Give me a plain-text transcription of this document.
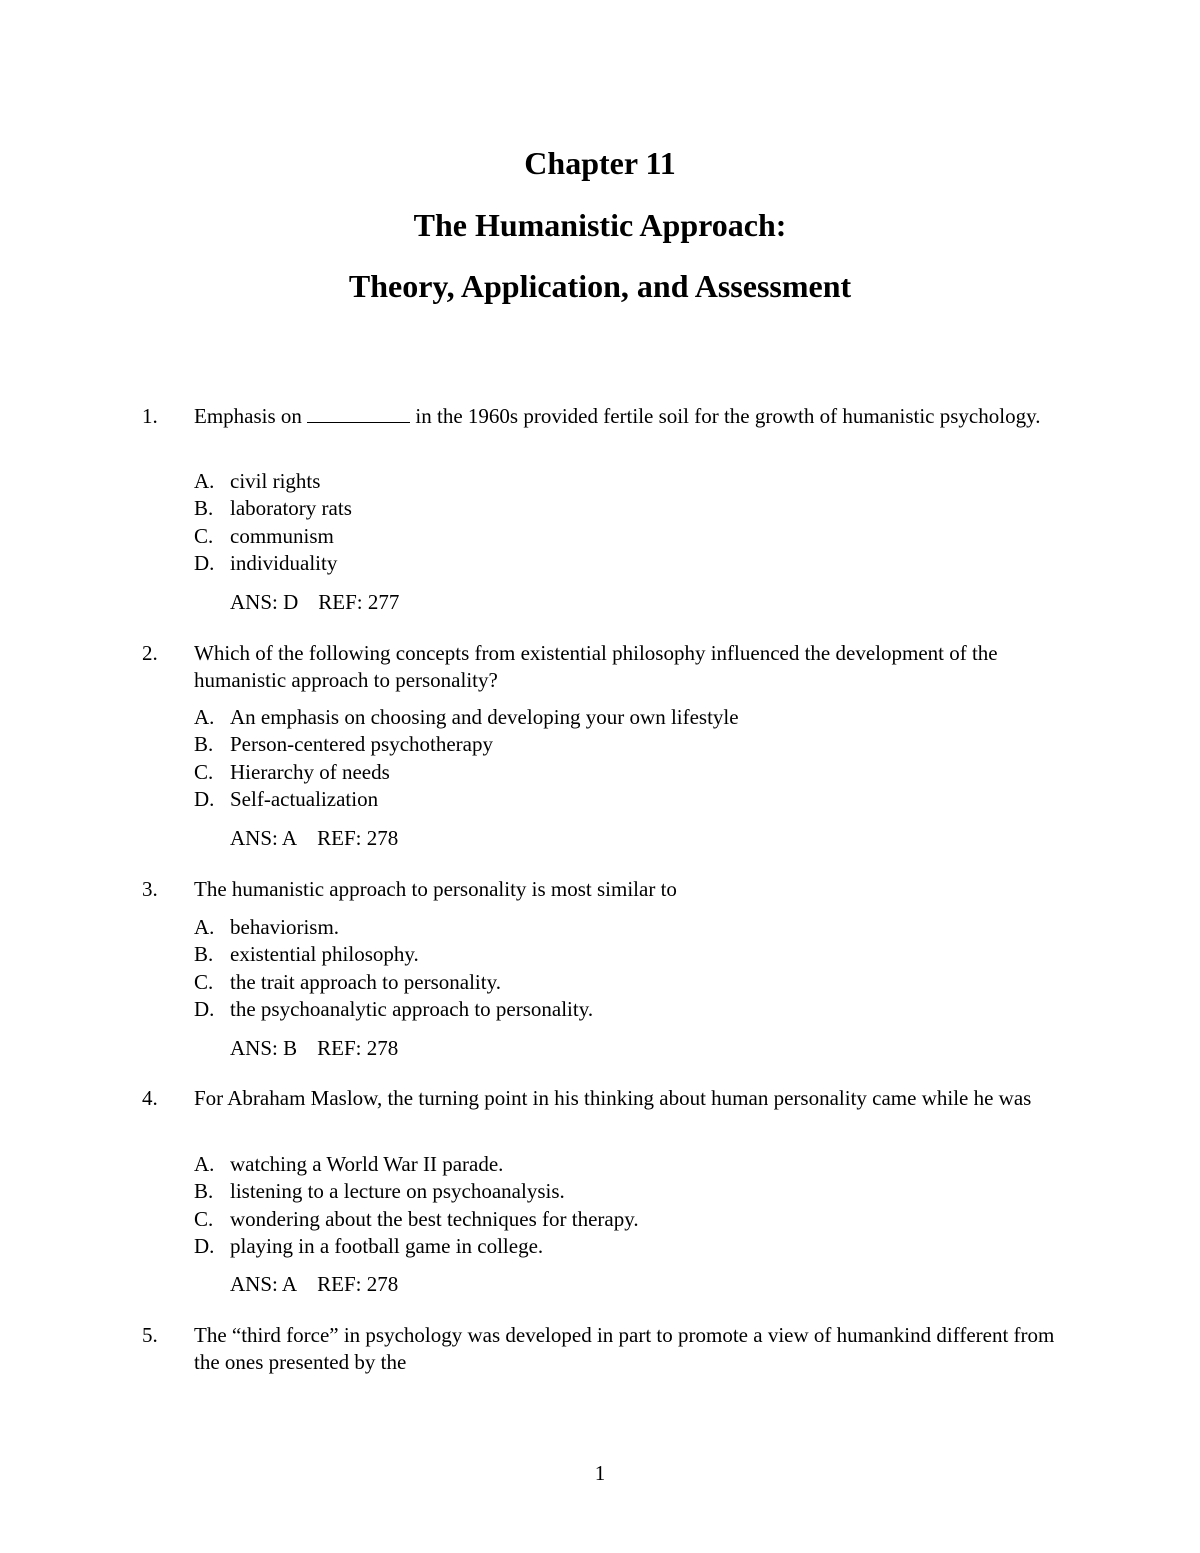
Chapter 11
The Humanistic Approach:
Theory, Application, and Assessment
1. Emphasis on	in the 1960s provided fertile soil for the growth of humanistic psychology.
A. civil rights
B. laboratory rats
C. communism
D. individuality
ANS: D REF: 277
2. Which of the following concepts from existential philosophy influenced the development of the humanistic approach to personality?
A. An emphasis on choosing and developing your own lifestyle
B. Person-centered psychotherapy
C. Hierarchy of needs
D. Self-actualization
ANS: A REF: 278
3. The humanistic approach to personality is most similar to
A. behaviorism.
B. existential philosophy.
C. the trait approach to personality.
D. the psychoanalytic approach to personality.
ANS: B REF: 278
4. For Abraham Maslow, the turning point in his thinking about human personality came while he was
A. watching a World War II parade.
B. listening to a lecture on psychoanalysis.
C. wondering about the best techniques for therapy.
D. playing in a football game in college.
ANS: A REF: 278
5. The “third force” in psychology was developed in part to promote a view of humankind different from the ones presented by the
1
